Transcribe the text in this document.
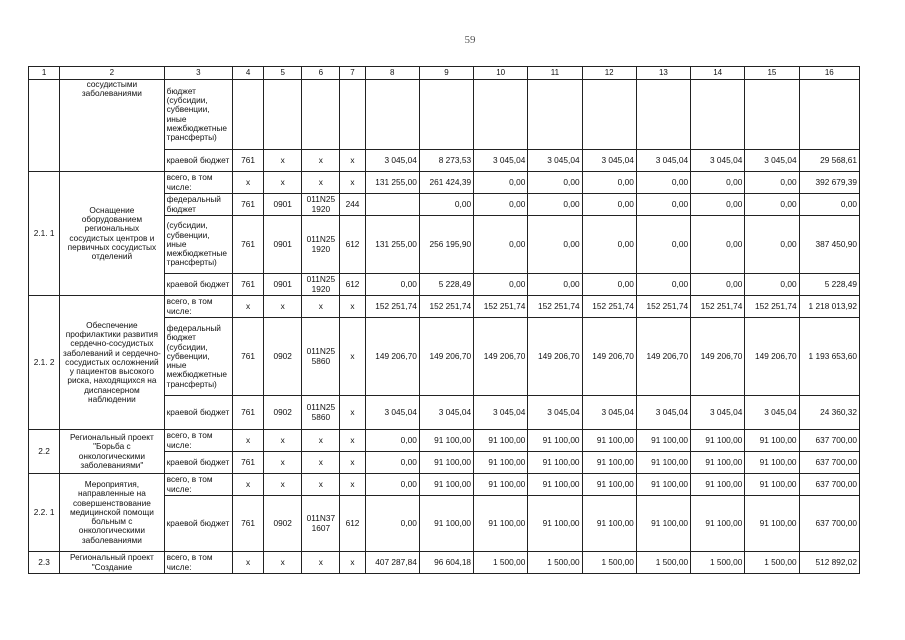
59
1	2	3	4	5	6	7	8	9	10	11	12	13	14	15	16
	сосудистыми заболеваниями	бюджет (субсидии, субвенции, иные межбюджетные трансферты)													
		краевой бюджет	761	х	х	х	3 045,04	8 273,53	3 045,04	3 045,04	3 045,04	3 045,04	3 045,04	3 045,04	29 568,61
2.1. 1	Оснащение оборудованием региональных сосудистых центров и первичных сосудистых отделений	всего, в том числе:	х	х	х	х	131 255,00	261 424,39	0,00	0,00	0,00	0,00	0,00	0,00	392 679,39
		федеральный бюджет	761	0901	011N25 1920	244		0,00	0,00	0,00	0,00	0,00	0,00	0,00	0,00
		(субсидии, субвенции, иные межбюджетные трансферты)	761	0901	011N25 1920	612	131 255,00	256 195,90	0,00	0,00	0,00	0,00	0,00	0,00	387 450,90
		краевой бюджет	761	0901	011N25 1920	612	0,00	5 228,49	0,00	0,00	0,00	0,00	0,00	0,00	5 228,49
2.1. 2	Обеспечение профилактики развития сердечно-сосудистых заболеваний и сердечно-сосудистых осложнений у пациентов высокого риска, находящихся на диспансерном наблюдении	всего, в том числе:	х	х	х	х	152 251,74	152 251,74	152 251,74	152 251,74	152 251,74	152 251,74	152 251,74	152 251,74	1 218 013,92
		федеральный бюджет (субсидии, субвенции, иные межбюджетные трансферты)	761	0902	011N25 5860	х	149 206,70	149 206,70	149 206,70	149 206,70	149 206,70	149 206,70	149 206,70	149 206,70	1 193 653,60
		краевой бюджет	761	0902	011N25 5860	х	3 045,04	3 045,04	3 045,04	3 045,04	3 045,04	3 045,04	3 045,04	3 045,04	24 360,32
2.2	Региональный проект "Борьба с онкологическими заболеваниями"	всего, в том числе:	х	х	х	х	0,00	91 100,00	91 100,00	91 100,00	91 100,00	91 100,00	91 100,00	91 100,00	637 700,00
		краевой бюджет	761	х	х	х	0,00	91 100,00	91 100,00	91 100,00	91 100,00	91 100,00	91 100,00	91 100,00	637 700,00
2.2. 1	Мероприятия, направленные на совершенствование медицинской помощи больным с онкологическими заболеваниями	всего, в том числе:	х	х	х	х	0,00	91 100,00	91 100,00	91 100,00	91 100,00	91 100,00	91 100,00	91 100,00	637 700,00
		краевой бюджет	761	0902	011N37 1607	612	0,00	91 100,00	91 100,00	91 100,00	91 100,00	91 100,00	91 100,00	91 100,00	637 700,00
2.3	Региональный проект "Создание	всего, в том числе:	х	х	х	х	407 287,84	96 604,18	1 500,00	1 500,00	1 500,00	1 500,00	1 500,00	1 500,00	512 892,02
